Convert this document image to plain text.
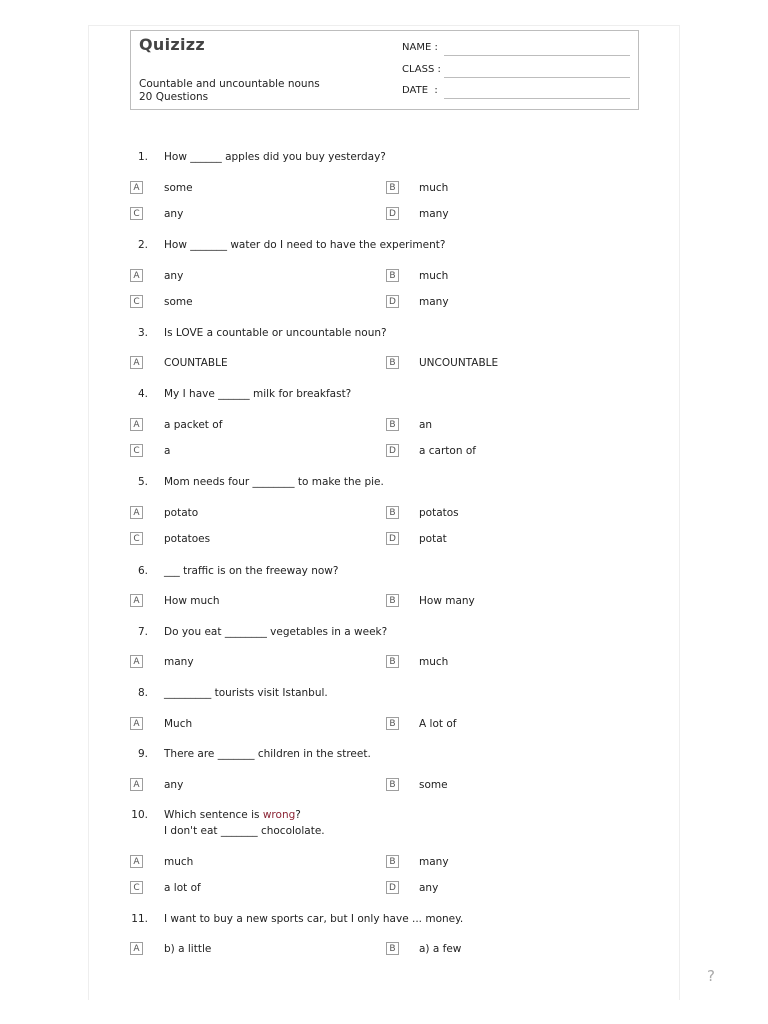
Quizizz
Countable and uncountable nouns
20 Questions
NAME :
CLASS :
DATE  :
1. How ______ apples did you buy yesterday?
A	some	B	much
C	any	D many
2. How _______ water do I need to have the experiment?
A	any	B	much
C	some	D many
3. Is LOVE a countable or uncountable noun?
A	COUNTABLE	B	UNCOUNTABLE
4. My I have ______ milk for breakfast?
A	a packet of	B	an
C	a	D a carton of
5. Mom needs four ________ to make the pie.
A	potato	B	potatos
C	potatoes	D potat
6. ___ traffic is on the freeway now?
A	How much	B	How many
7. Do you eat ________ vegetables in a week?
A	many	B	much
8. _________ tourists visit Istanbul.
A	Much	B	A lot of
9. There are _______ children in the street.
A	any	B	some
10. Which sentence is wrong?
I don't eat _______ chocololate.
A	much	B	many
C	a lot of	D any
11. I want to buy a new sports car, but I only have ... money.
A	b) a little	B	a) a few
?
